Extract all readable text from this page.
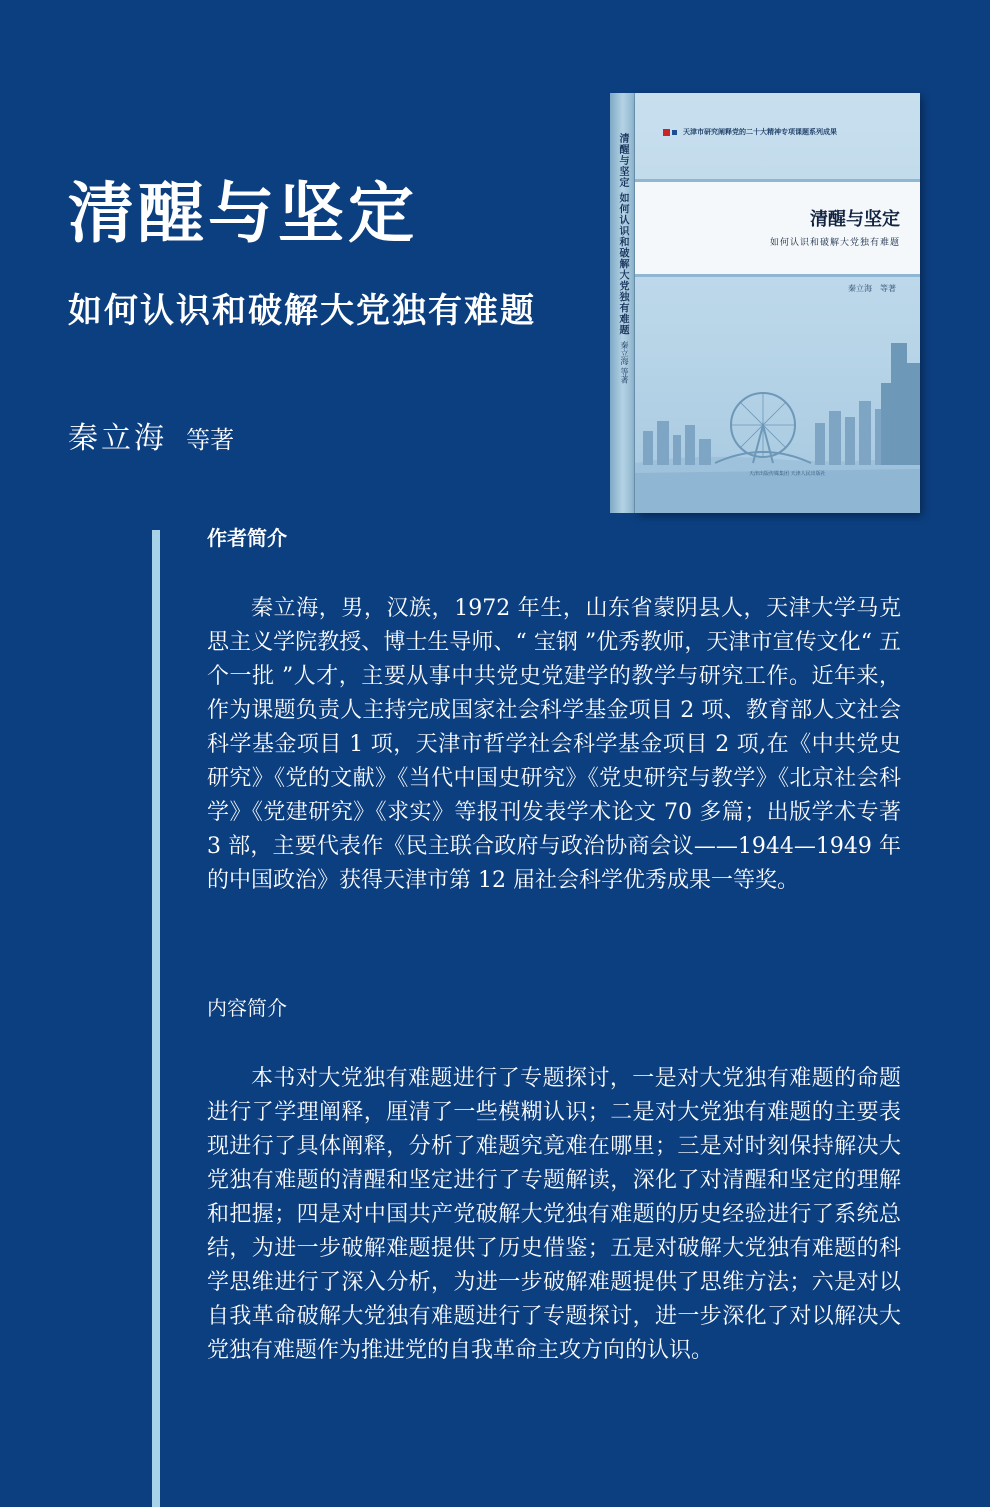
清醒与坚定
如何认识和破解大党独有难题
秦立海 等著
清醒与坚定 如何认识和破解大党独有难题
秦立海 等著
天津市研究阐释党的二十大精神专项课题系列成果
清醒与坚定
如何认识和破解大党独有难题
秦立海　等著
天津出版传媒集团 天津人民出版社
作者简介

秦立海，男，汉族，1972 年生，山东省蒙阴县人，天津大学马克思主义学院教授、博士生导师、“ 宝钢 ”优秀教师，天津市宣传文化“ 五个一批 ”人才，主要从事中共党史党建学的教学与研究工作。近年来，作为课题负责人主持完成国家社会科学基金项目 2 项、教育部人文社会科学基金项目 1 项，天津市哲学社会科学基金项目 2 项,在《中共党史研究》《党的文献》《当代中国史研究》《党史研究与教学》《北京社会科学》《党建研究》《求实》等报刊发表学术论文 70 多篇；出版学术专著 3 部，主要代表作《民主联合政府与政治协商会议——1944—1949 年的中国政治》获得天津市第 12 届社会科学优秀成果一等奖。

内容简介

本书对大党独有难题进行了专题探讨，一是对大党独有难题的命题进行了学理阐释，厘清了一些模糊认识；二是对大党独有难题的主要表现进行了具体阐释，分析了难题究竟难在哪里；三是对时刻保持解决大党独有难题的清醒和坚定进行了专题解读，深化了对清醒和坚定的理解和把握；四是对中国共产党破解大党独有难题的历史经验进行了系统总结，为进一步破解难题提供了历史借鉴；五是对破解大党独有难题的科学思维进行了深入分析，为进一步破解难题提供了思维方法；六是对以自我革命破解大党独有难题进行了专题探讨，进一步深化了对以解决大党独有难题作为推进党的自我革命主攻方向的认识。
